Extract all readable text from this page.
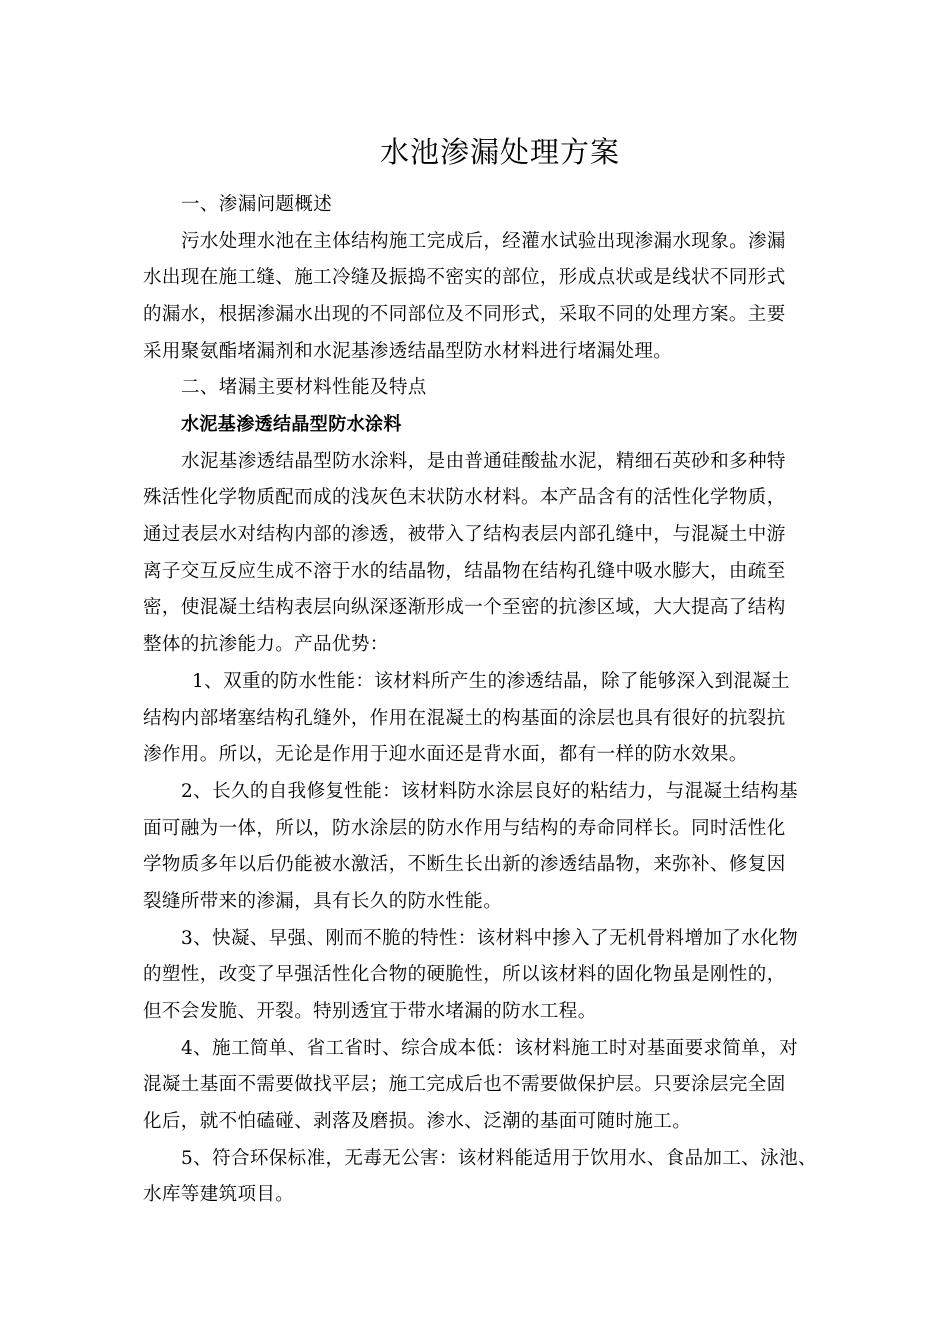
水池渗漏处理方案
一、渗漏问题概述
污水处理水池在主体结构施工完成后，经灌水试验出现渗漏水现象。渗漏
水出现在施工缝、施工冷缝及振捣不密实的部位，形成点状或是线状不同形式
的漏水，根据渗漏水出现的不同部位及不同形式，采取不同的处理方案。主要
采用聚氨酯堵漏剂和水泥基渗透结晶型防水材料进行堵漏处理。
二、堵漏主要材料性能及特点
水泥基渗透结晶型防水涂料
水泥基渗透结晶型防水涂料，是由普通硅酸盐水泥，精细石英砂和多种特
殊活性化学物质配而成的浅灰色末状防水材料。本产品含有的活性化学物质，
通过表层水对结构内部的渗透，被带入了结构表层内部孔缝中，与混凝土中游
离子交互反应生成不溶于水的结晶物，结晶物在结构孔缝中吸水膨大，由疏至
密，使混凝土结构表层向纵深逐渐形成一个至密的抗渗区域，大大提高了结构
整体的抗渗能力。产品优势：
1、双重的防水性能：该材料所产生的渗透结晶，除了能够深入到混凝土
结构内部堵塞结构孔缝外，作用在混凝土的构基面的涂层也具有很好的抗裂抗
渗作用。所以，无论是作用于迎水面还是背水面，都有一样的防水效果。
2、长久的自我修复性能：该材料防水涂层良好的粘结力，与混凝土结构基
面可融为一体，所以，防水涂层的防水作用与结构的寿命同样长。同时活性化
学物质多年以后仍能被水激活，不断生长出新的渗透结晶物，来弥补、修复因
裂缝所带来的渗漏，具有长久的防水性能。
3、快凝、早强、刚而不脆的特性：该材料中掺入了无机骨料增加了水化物
的塑性，改变了早强活性化合物的硬脆性，所以该材料的固化物虽是刚性的，
但不会发脆、开裂。特别透宜于带水堵漏的防水工程。
4、施工简单、省工省时、综合成本低：该材料施工时对基面要求简单，对
混凝土基面不需要做找平层；施工完成后也不需要做保护层。只要涂层完全固
化后，就不怕磕碰、剥落及磨损。渗水、泛潮的基面可随时施工。
5、符合环保标准，无毒无公害：该材料能适用于饮用水、食品加工、泳池、
水库等建筑项目。
